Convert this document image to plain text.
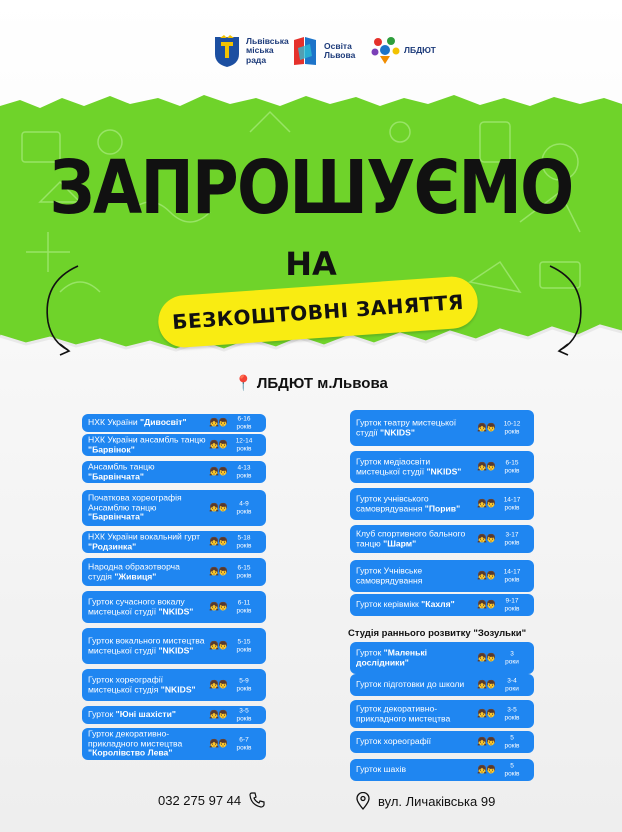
Львівська
міська
рада
Освіта
Львова	ЛБДЮТ
ЗАПРОШУЄМО
НА
БЕЗКОШТОВНІ ЗАНЯТТЯ
📍 ЛБДЮТ м.Львова
НХК України "Дивосвіт"	👧👦	6-16
років
НХК України ансамбль танцю "Барвінок"	👧👦	12-14
років
Ансамбль танцю "Барвінчата"	👧👦	4-13
років
Початкова хореографія Ансамблю танцю "Барвінчата"
👧👦	4-9
років
НХК України вокальний гурт "Родзинка"	👧👦	5-18
років
Народна образотворча студія "Живиця"	👧👦	6-15
років
Гурток сучасного вокалу мистецької студії "NKIDS"	👧👦	6-11
років
Гурток вокального мистецтва мистецької студії "NKIDS"	👧👦	5-15
років
Гурток хореографії мистецької студія "NKIDS"	👧👦	5-9
років
Гурток "Юні шахісти"	👧👦	3-5
років
Гурток декоративно-прикладного мистецтва "Королівство Лева"
👧👦	6-7
років
Гурток театру мистецької студії "NKIDS"	👧👦	10-12
років
Гурток медіаосвіти мистецької студії "NKIDS"	👧👦	6-15
років
Гурток учнівського самоврядування "Порив"	👧👦	14-17
років
Клуб спортивного бального танцю "Шарм"	👧👦	3-17
років
Гурток Учнівське самоврядування	👧👦	14-17
років
Гурток керівмікк "Кахля"	👧👦	9-17
років
Гурток "Маленькі дослідники"	👧👦	3
роки
Гурток підготовки до школи	👧👦	3-4
роки
Гурток декоративно-прикладного мистецтва	👧👦	3-5
років
Гурток хореографії	👧👦	5
років
Гурток шахів	👧👦	5
років
Студія раннього розвитку "Зозульки"
032 275 97 44	вул. Личаківська 99
